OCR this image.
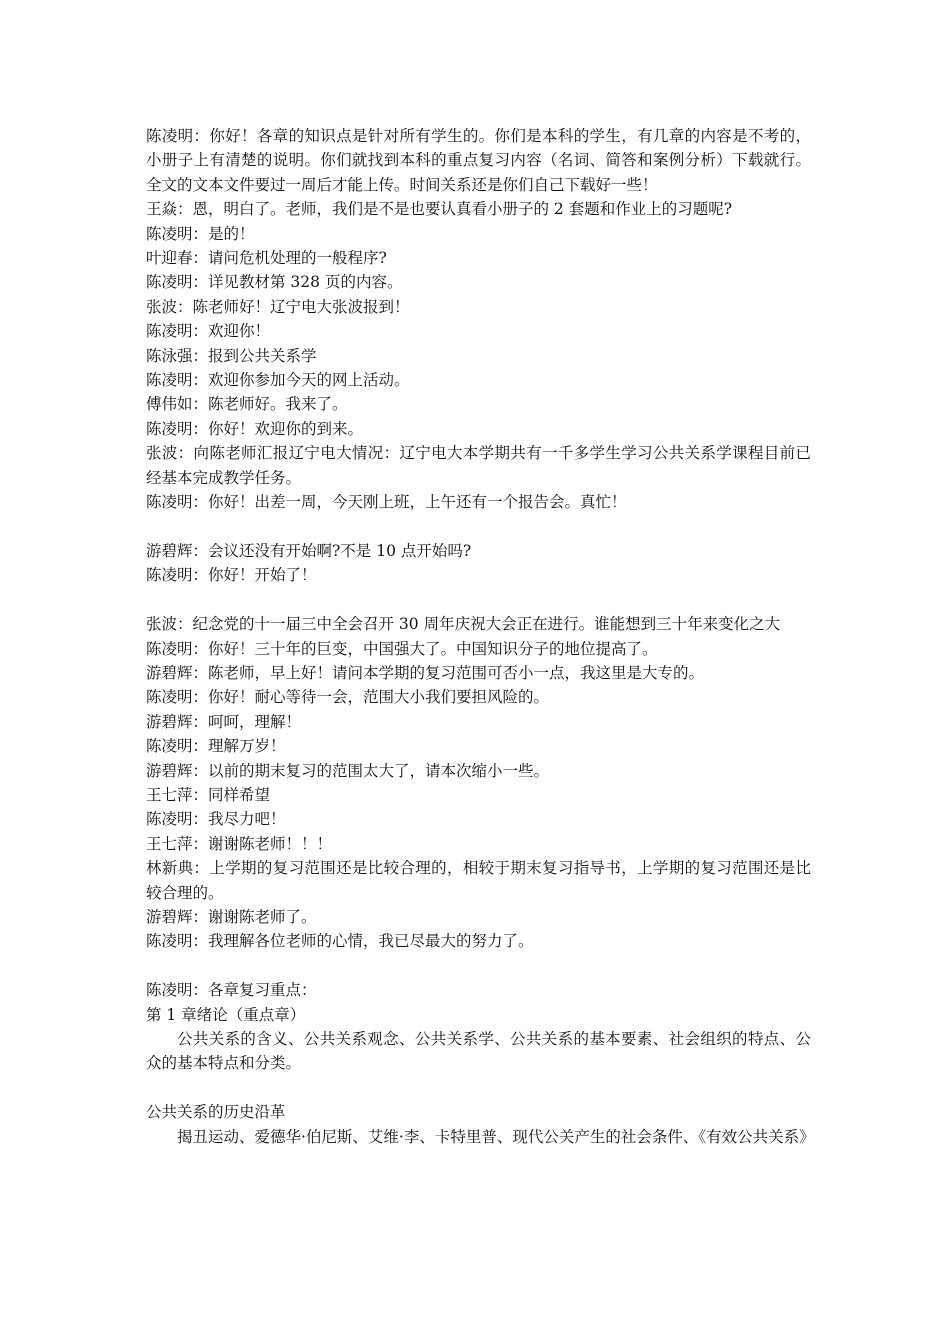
陈凌明：你好！各章的知识点是针对所有学生的。你们是本科的学生，有几章的内容是不考的，小册子上有清楚的说明。你们就找到本科的重点复习内容（名词、简答和案例分析）下载就行。全文的文本文件要过一周后才能上传。时间关系还是你们自己下载好一些！

王焱：恩，明白了。老师，我们是不是也要认真看小册子的 2 套题和作业上的习题呢?

陈凌明：是的！

叶迎春：请问危机处理的一般程序?

陈凌明：详见教材第 328 页的内容。

张波：陈老师好！辽宁电大张波报到！

陈凌明：欢迎你！

陈泳强：报到公共关系学

陈凌明：欢迎你参加今天的网上活动。

傅伟如：陈老师好。我来了。

陈凌明：你好！欢迎你的到来。

张波：向陈老师汇报辽宁电大情况：辽宁电大本学期共有一千多学生学习公共关系学课程目前已经基本完成教学任务。

陈凌明：你好！出差一周，今天刚上班，上午还有一个报告会。真忙！

游碧辉：会议还没有开始啊?不是 10 点开始吗?

陈凌明：你好！开始了！

张波：纪念党的十一届三中全会召开 30 周年庆祝大会正在进行。谁能想到三十年来变化之大

陈凌明：你好！三十年的巨变，中国强大了。中国知识分子的地位提高了。

游碧辉：陈老师，早上好！请问本学期的复习范围可否小一点，我这里是大专的。

陈凌明：你好！耐心等待一会，范围大小我们要担风险的。

游碧辉：呵呵，理解！

陈凌明：理解万岁！

游碧辉：以前的期末复习的范围太大了，请本次缩小一些。

王七萍：同样希望

陈凌明：我尽力吧！

王七萍：谢谢陈老师！！！

林新典：上学期的复习范围还是比较合理的，相较于期末复习指导书，上学期的复习范围还是比较合理的。

游碧辉：谢谢陈老师了。

陈凌明：我理解各位老师的心情，我已尽最大的努力了。

陈凌明：各章复习重点：

第 1 章绪论（重点章）

公共关系的含义、公共关系观念、公共关系学、公共关系的基本要素、社会组织的特点、公众的基本特点和分类。

公共关系的历史沿革

揭丑运动、爱德华·伯尼斯、艾维·李、卡特里普、现代公关产生的社会条件、《有效公共关系》
